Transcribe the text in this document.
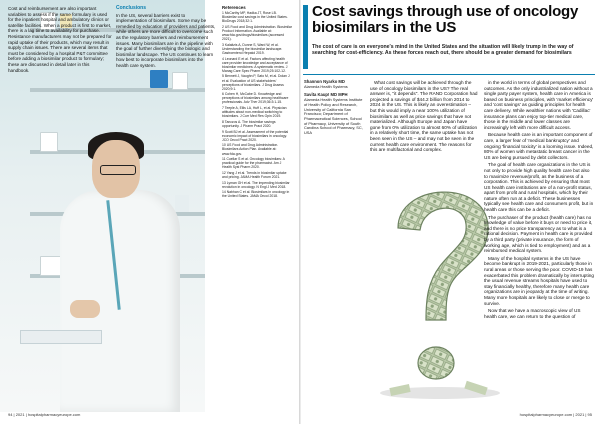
Cost and reimbursement are also important variables to assess if the same formulary is used for the inpatient hospital and ambulatory clinics or satellite facilities. When a product is first to market, there is a lag time to availability for purchase. Resistance manufacturers may not be prepared for rapid uptake of their products, which may result in supply chain issues. There are several items that must be considered by a hospital P&T committee before adding a biosimilar product to formulary; these are discussed in detail later in this handbook.

Conclusions

In the US, several barriers exist to implementation of biosimilars. Some may be remedied by education of providers and patients, while others are more difficult to overcome such as the regulatory barriers and reimbursement issues. Many biosimilars are in the pipeline with the goal of further diversifying the biologic and biosimilar landscape. The US continues to learn how best to incorporate biosimilars into the health care system.

References

1 McCarthy MP, Hadka JT, Rose LB. Biosimilar cost savings in the United States. BioDrugs 2018;32:1.

2 US Food and Drug Administration. Biosimilar Product Information. Available at: www.fda.gov/drugs/biosimilars (accessed 2021).

3 Kalaitzis A, Dunne S, Ward W, et al. Understanding the biosimilar landscape. Gastroenterol Hepatol 2019.

4 Leonard E et al. Factors affecting health care provider knowledge and acceptance of biosimilar medicines: A systematic review. J Manag Care Spec Pharm 2019;25:102-12.

5 Bennett J, Vaughn P, Sato M, et al. Dolan J et al. Evaluation of US stakeholders' perceptions of biosimilars. J Drug Assess 2020;9:1.

6 Cohen H, McCabe D. Knowledge and perceptions of biosimilars among healthcare professionals. Adv Ther 2019;36:3:1-15.

7 Teeple A, Ellis LA, Huff L, et al. Physician attitudes about non-medical switching to biosimilars. J Curr Med Res Opin 2019.

8 Tanczos A. The biosimilar savings opportunity. J Pharm Pract 2020.

9 Scott BJ et al. Assessment of the potential economic impact of biosimilars in oncology. JCO Oncol Pract 2020.

10 US Food and Drug Administration. Biosimilars Action Plan. Available at: www.fda.gov.

11 Cuellar S et al. Oncology biosimilars: A practical guide for the pharmacist. Am J Health Syst Pharm 2020.

12 Yang J et al. Trends in biosimilar uptake and pricing. JAMA Health Forum 2021.

13 Lyman GH et al. The impending biosimilar revolution in oncology. N Engl J Med 2018.

14 Nabhan C et al. Biosimilars in oncology in the United States. JAMA Oncol 2018.

94 | 2021 | hospitalpharmacyeurope.com
Cost savings through use of oncology biosimilars in the US
The cost of care is on everyone's mind in the United States and the situation will likely trump in the way of searching for cost-efficiency. As these forces reach out, there should be a greater demand for biosimilars

Shannon Nyarko MD
Alameda Health Systems

Savita Kaup! MD MPH
Alameda Health Systems Institute of Health Policy and Research, University of California San Francisco; Department of Pharmaceutical Sciences, School of Pharmacy, University of South Carolina School of Pharmacy, SC, USA

What cost savings will be achieved through the use of oncology biosimilars in the US? The real answer is, "it depends". The RAND Corporation had projected a savings of $44.2 billion from 2014 to 2024 in the US. This is likely an overestimation – but this would imply a near 100% utilization of biosimilars as well as price savings that have not materialized. Although Europe and Japan have gone from 0% utilization to almost 60% of utilization in a relatively short time, the same uptake has not been seen in the US – and may not be seen in the current health care environment. The reasons for this are multifactorial and complex.

in the world in terms of global perspectives and outcomes. As the only industrialized nation without a single party payer system, health care in America is based on business principles, with 'market efficiency' and 'cost savings' as guiding principles for health care delivery. While wealthier nations with 'Cadillac' insurance plans can enjoy top-tier medical care, those in the middle and lower classes are increasingly left with more difficult access.

Because health care is an important component of care, a larger fear of 'medical bankruptcy' and ongoing 'financial toxicity' is a looming issue. Indeed, 80% of women with metastatic breast cancer in the US are being pursued by debt collectors.

The goal of health care organizations in the US is not only to provide high quality health care but also to maximize revenue/profit, as the business of a corporation. This is achieved by ensuring that most US health care institutions are of a non-profit status, apart from profit and rural hospitals, which by their nature often run at a deficit. These businesses typically see health care and consumers profit, but in health care this can be a deficit.

The purchaser of the product (health care) has no knowledge of value before it buys or need to price it, and there is no price transparency as to what is a rational decision. Payment in health care is provided by a third party (private insurance, the form of working age, which is tied to employment) and as a reimbursed medical system.

Many of the hospital systems in the US have become bankrupt in 2019-2021, particularly those in rural areas or those serving the poor. COVID-19 has exacerbated this problem dramatically by interrupting the usual revenue streams hospitals have used to stay financially healthy, therefore many health care organizations are in jeopardy at the time of writing. Many more hospitals are likely to close or merge to survive.

Now that we have a macroscopic view of US health care, we can return to the question of

hospitalpharmacyeurope.com | 2021 | 95
